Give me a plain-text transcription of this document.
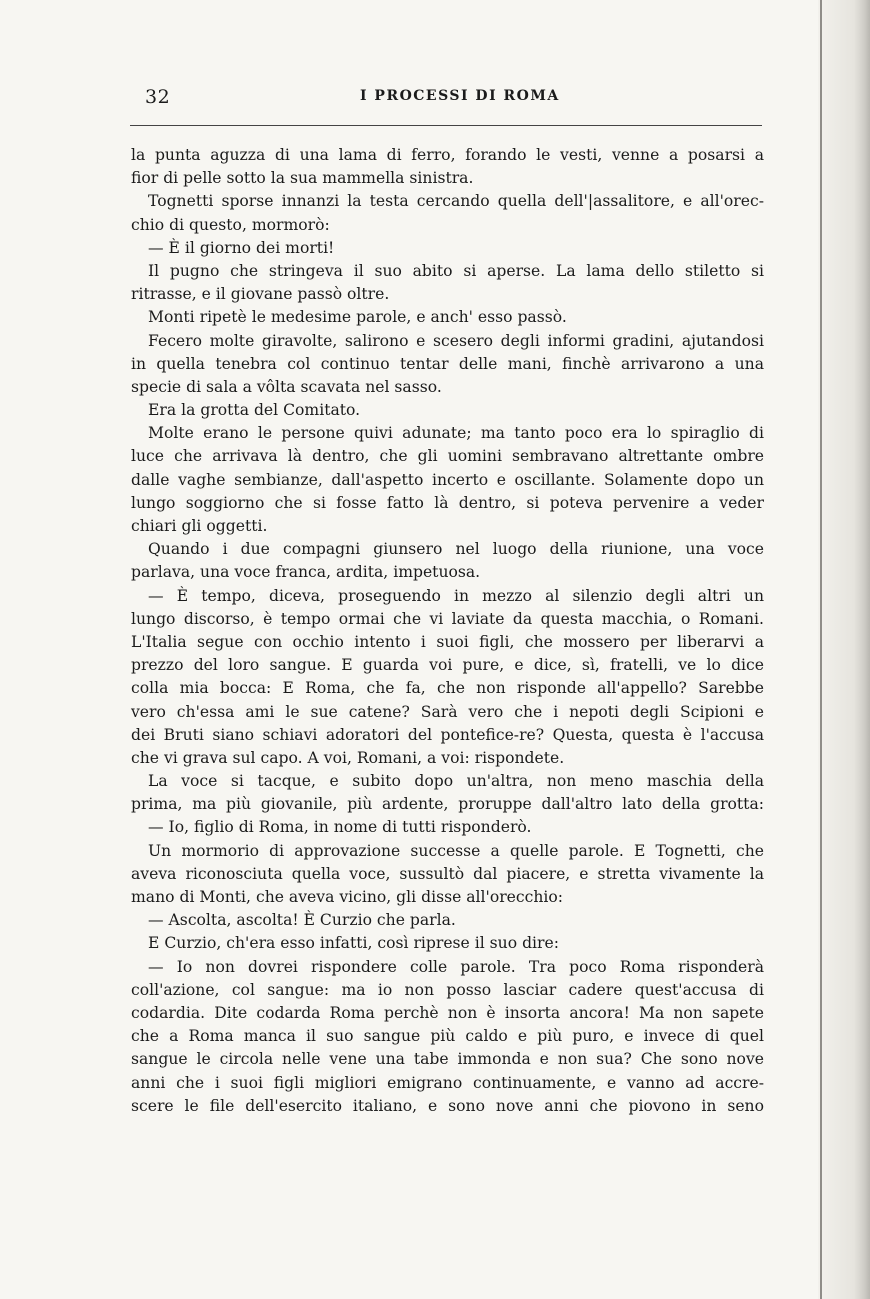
32	I PROCESSI DI ROMA
la punta aguzza di una lama di ferro, forando le vesti, venne a posarsi a
fior di pelle sotto la sua mammella sinistra.
Tognetti sporse innanzi la testa cercando quella dell'|assalitore, e all'orec-
chio di questo, mormorò:
— È il giorno dei morti!
Il pugno che stringeva il suo abito si aperse. La lama dello stiletto si
ritrasse, e il giovane passò oltre.
Monti ripetè le medesime parole, e anch' esso passò.
Fecero molte giravolte, salirono e scesero degli informi gradini, ajutandosi
in quella tenebra col continuo tentar delle mani, finchè arrivarono a una
specie di sala a vôlta scavata nel sasso.
Era la grotta del Comitato.
Molte erano le persone quivi adunate; ma tanto poco era lo spiraglio di
luce che arrivava là dentro, che gli uomini sembravano altrettante ombre
dalle vaghe sembianze, dall'aspetto incerto e oscillante. Solamente dopo un
lungo soggiorno che si fosse fatto là dentro, si poteva pervenire a veder
chiari gli oggetti.
Quando i due compagni giunsero nel luogo della riunione, una voce
parlava, una voce franca, ardita, impetuosa.
— È tempo, diceva, proseguendo in mezzo al silenzio degli altri un
lungo discorso, è tempo ormai che vi laviate da questa macchia, o Romani.
L'Italia segue con occhio intento i suoi figli, che mossero per liberarvi a
prezzo del loro sangue. E guarda voi pure, e dice, sì, fratelli, ve lo dice
colla mia bocca: E Roma, che fa, che non risponde all'appello? Sarebbe
vero ch'essa ami le sue catene? Sarà vero che i nepoti degli Scipioni e
dei Bruti siano schiavi adoratori del pontefice-re? Questa, questa è l'accusa
che vi grava sul capo. A voi, Romani, a voi: rispondete.
La voce si tacque, e subito dopo un'altra, non meno maschia della
prima, ma più giovanile, più ardente, proruppe dall'altro lato della grotta:
— Io, figlio di Roma, in nome di tutti risponderò.
Un mormorio di approvazione successe a quelle parole. E Tognetti, che
aveva riconosciuta quella voce, sussultò dal piacere, e stretta vivamente la
mano di Monti, che aveva vicino, gli disse all'orecchio:
— Ascolta, ascolta! È Curzio che parla.
E Curzio, ch'era esso infatti, così riprese il suo dire:
— Io non dovrei rispondere colle parole. Tra poco Roma risponderà
coll'azione, col sangue: ma io non posso lasciar cadere quest'accusa di
codardia. Dite codarda Roma perchè non è insorta ancora! Ma non sapete
che a Roma manca il suo sangue più caldo e più puro, e invece di quel
sangue le circola nelle vene una tabe immonda e non sua? Che sono nove
anni che i suoi figli migliori emigrano continuamente, e vanno ad accre-
scere le file dell'esercito italiano, e sono nove anni che piovono in seno
